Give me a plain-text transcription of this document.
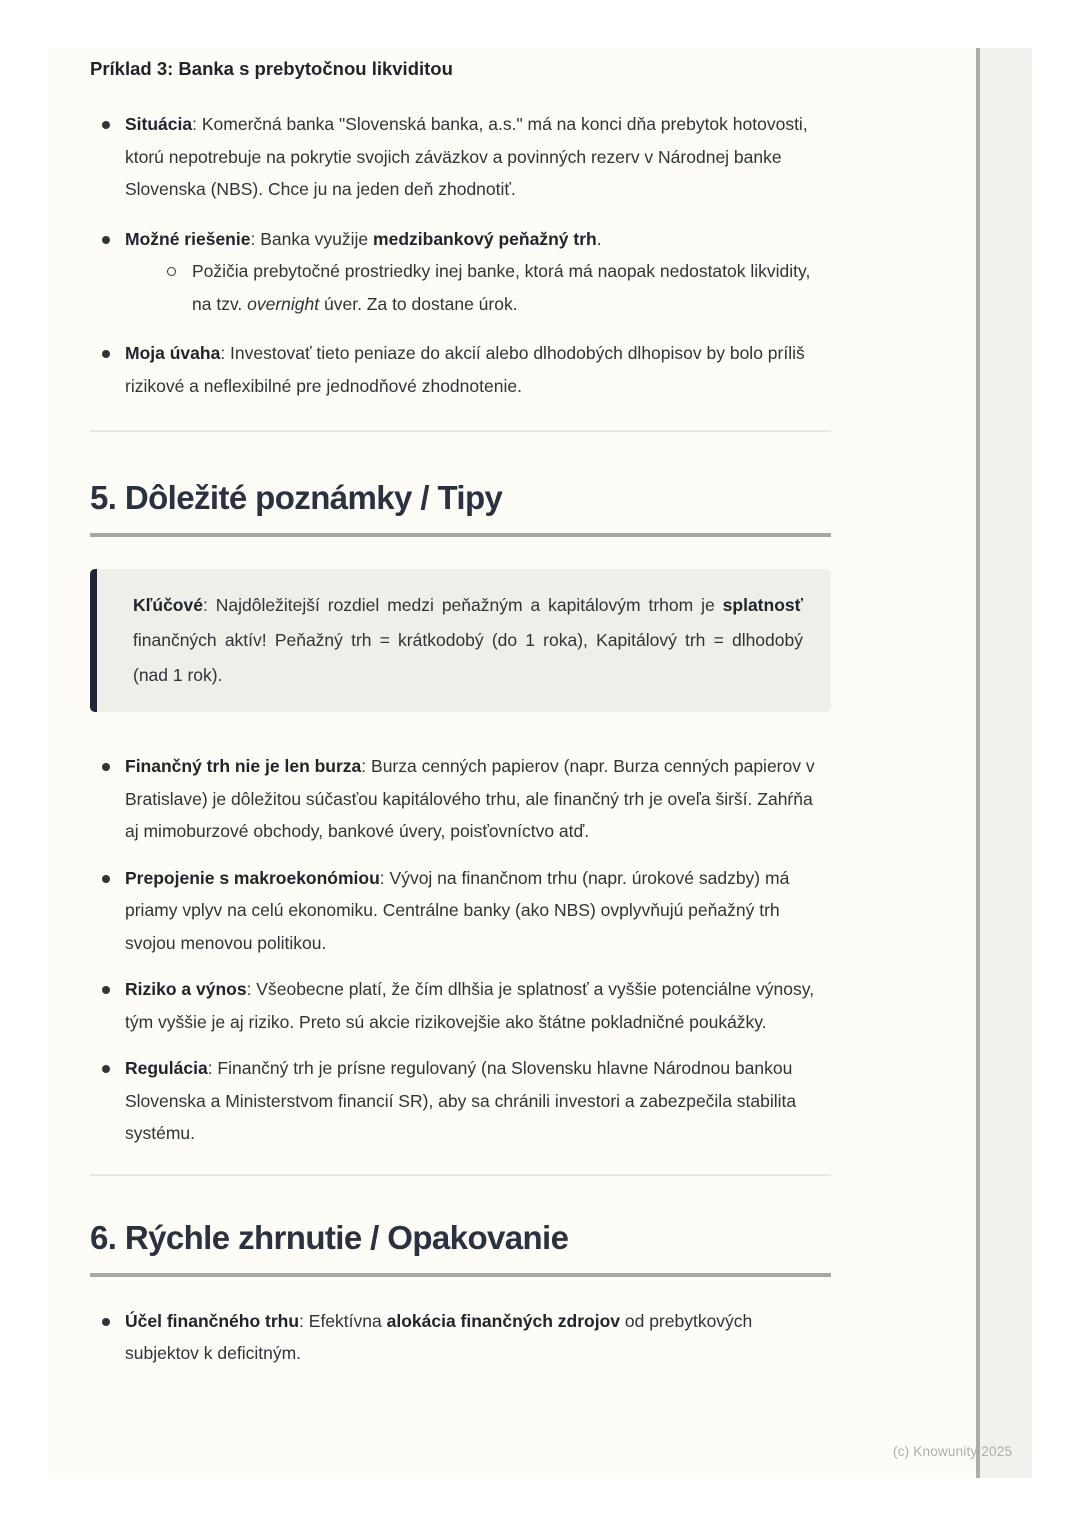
Príklad 3: Banka s prebytočnou likviditou
Situácia: Komerčná banka "Slovenská banka, a.s." má na konci dňa prebytok hotovosti, ktorú nepotrebuje na pokrytie svojich záväzkov a povinných rezerv v Národnej banke Slovenska (NBS). Chce ju na jeden deň zhodnotiť.
Možné riešenie: Banka využije medzibankový peňažný trh.
Požičia prebytočné prostriedky inej banke, ktorá má naopak nedostatok likvidity, na tzv. overnight úver. Za to dostane úrok.
Moja úvaha: Investovať tieto peniaze do akcií alebo dlhodobých dlhopisov by bolo príliš rizikové a neflexibilné pre jednodňové zhodnotenie.
5. Dôležité poznámky / Tipy
Kľúčové: Najdôležitejší rozdiel medzi peňažným a kapitálovým trhom je splatnosť finančných aktív! Peňažný trh = krátkodobý (do 1 roka), Kapitálový trh = dlhodobý (nad 1 rok).
Finančný trh nie je len burza: Burza cenných papierov (napr. Burza cenných papierov v Bratislave) je dôležitou súčasťou kapitálového trhu, ale finančný trh je oveľa širší. Zahŕňa aj mimoburzové obchody, bankové úvery, poisťovníctvo atď.
Prepojenie s makroekonómiou: Vývoj na finančnom trhu (napr. úrokové sadzby) má priamy vplyv na celú ekonomiku. Centrálne banky (ako NBS) ovplyvňujú peňažný trh svojou menovou politikou.
Riziko a výnos: Všeobecne platí, že čím dlhšia je splatnosť a vyššie potenciálne výnosy, tým vyššie je aj riziko. Preto sú akcie rizikovejšie ako štátne pokladničné poukážky.
Regulácia: Finančný trh je prísne regulovaný (na Slovensku hlavne Národnou bankou Slovenska a Ministerstvom financií SR), aby sa chránili investori a zabezpečila stabilita systému.
6. Rýchle zhrnutie / Opakovanie
Účel finančného trhu: Efektívna alokácia finančných zdrojov od prebytkových subjektov k deficitným.
(c) Knowunity 2025
